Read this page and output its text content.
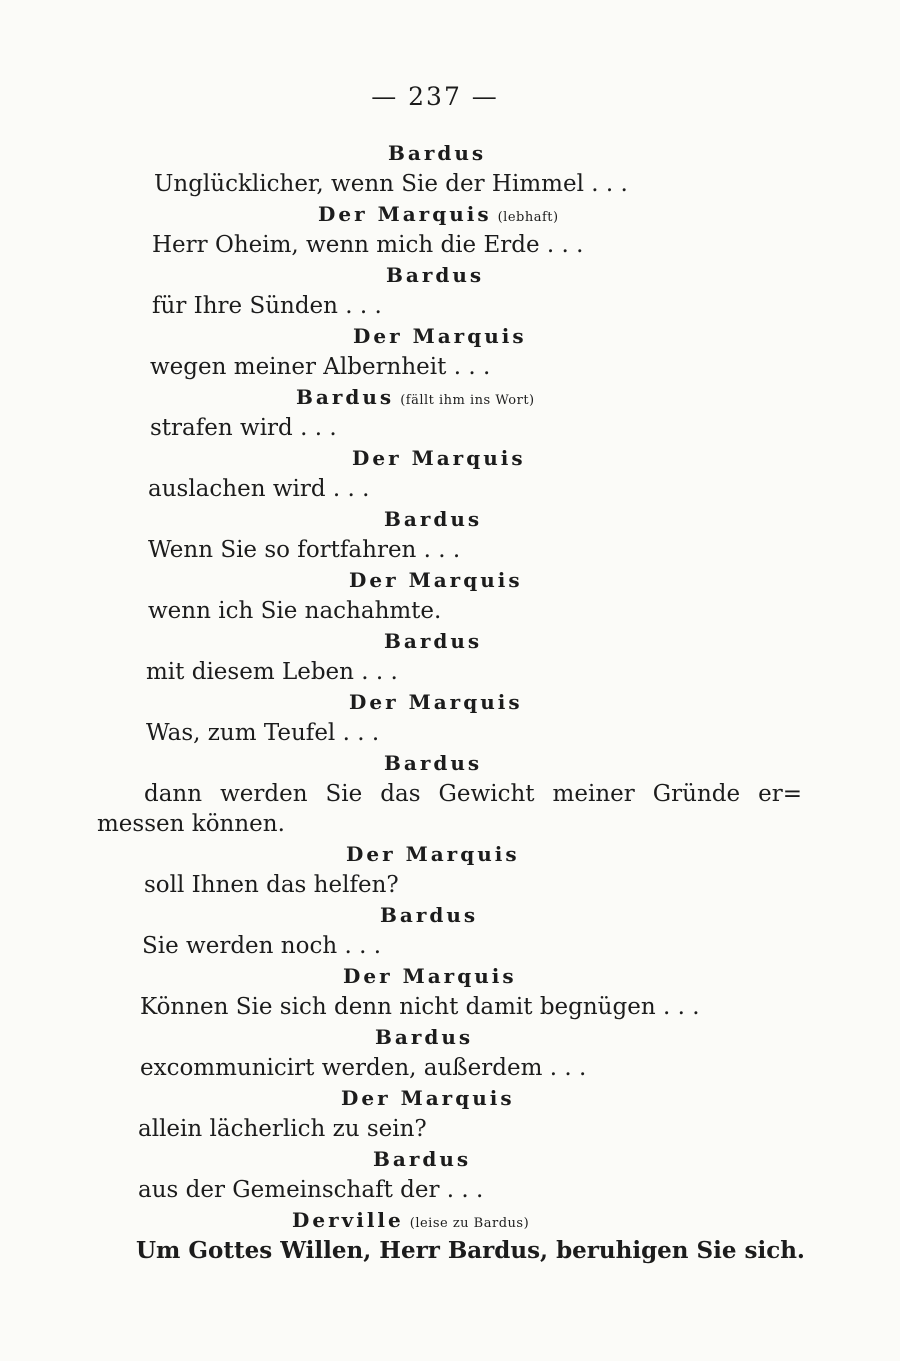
— 237 —
Bardus
Unglücklicher, wenn Sie der Himmel . . .
Der Marquis (lebhaft)
Herr Oheim, wenn mich die Erde . . .
Bardus
für Ihre Sünden . . .
Der Marquis
wegen meiner Albernheit . . .
Bardus (fällt ihm ins Wort)
strafen wird . . .
Der Marquis
auslachen wird . . .
Bardus
Wenn Sie so fortfahren . . .
Der Marquis
wenn ich Sie nachahmte.
Bardus
mit diesem Leben . . .
Der Marquis
Was, zum Teufel . . .
Bardus
dann werden Sie das Gewicht meiner Gründe er=
messen können.
Der Marquis
soll Ihnen das helfen?
Bardus
Sie werden noch . . .
Der Marquis
Können Sie sich denn nicht damit begnügen . . .
Bardus
excommunicirt werden, außerdem . . .
Der Marquis
allein lächerlich zu sein?
Bardus
aus der Gemeinschaft der . . .
Derville (leise zu Bardus)
Um Gottes Willen, Herr Bardus, beruhigen Sie sich.
